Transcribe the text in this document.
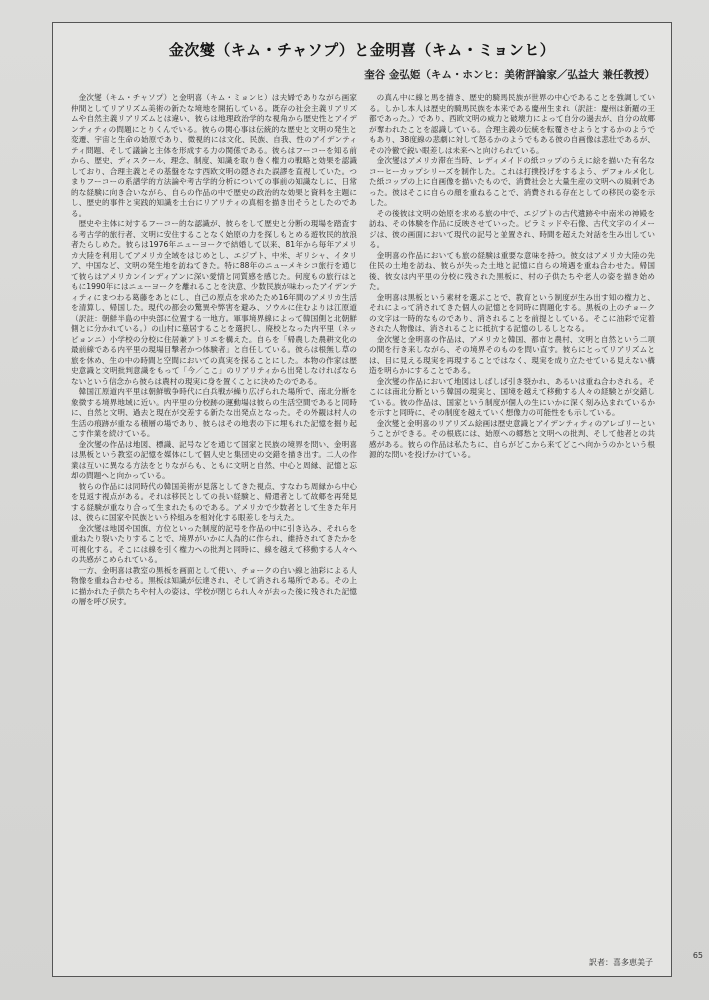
金次燮（キム・チャソプ）と金明喜（キム・ミョンヒ）
奎谷 金弘姫（キム・ホンヒ：美術評論家／弘益大 兼任教授）

金次燮（キム・チャソプ）と金明喜（キム・ミョンヒ）は夫婦でありながら画家仲間としてリアリズム美術の新たな境地を開拓している。既存の社会主義リアリズムや自然主義リアリズムとは違い、彼らは地理政治学的な視角から歴史性とアイデンティティの問題にとりくんでいる。彼らの関心事は伝統的な歴史と文明の発生と変遷、宇宙と生命の始原であり、微視的には文化、民族、自我、性のアイデンティティ問題、そして議論と主体を形成する力の関係である。彼らはフーコーを知る前から、歴史、ディスクール、理念、制度、知識を取り巻く権力の戦略と効果を認識しており、合理主義とその基盤をなす西欧文明の隠された誤謬を直視していた。つまりフーコーの系譜学的方法論や考古学的分析についての事前の知識なしに、日常的な経験に向き合いながら、自らの作品の中で歴史の政治的な効果と資料を主題にし、歴史的事件と実践的知識を土台にリアリティの真相を描き出そうとしたのである。

歴史や主体に対するフーコー的な認識が、彼らをして歴史と分断の現場を踏査する考古学的旅行者、文明に安住することなく始原の力を探しもとめる遊牧民的放浪者たらしめた。彼らは1976年ニューヨークで結婚して以来、81年から毎年アメリカ大陸を利用してアメリカ全域をはじめとし、エジプト、中米、ギリシャ、イタリア、中国など、文明の発生地を訪ねてきた。特に88年のニューメキシコ旅行を通じて彼らはアメリカンインディアンに深い愛情と同質感を感じた。何度もの旅行はともに1990年にはニューヨークを離れることを決意、少数民族が味わったアイデンティティにまつわる葛藤をあとにし、自己の原点を求めたため16年間のアメリカ生活を清算し、帰国した。現代の都会の驚異や弊害を避み、ソウルに住むよりは江原道（訳註：朝鮮半島の中央部に位置する一地方。軍事境界線によって韓国側と北朝鮮側とに分かれている。）の山村に墓居することを選択し、廃校となった内平里（ネッピョンニ）小学校の分校に住居兼アトリエを構えた。自らを「帰農した農耕文化の最前線である内平里の現場目撃者かつ体験者」と自任している。彼らは根無し草の旅を休め、生の中の時間と空間においての真実を探ることにした。本物の作家は歴史意識と文明批判意識をもって「今／ここ」のリアリティから出発しなければならないという信念から彼らは農村の現実に身を置くことに決めたのである。

韓国江原道内平里は朝鮮戦争時代に白兵戦が繰り広げられた場所で、南北分断を象徴する境界地域に近い。内平里の分校跡の運動場は彼らの生活空間であると同時に、自然と文明、過去と現在が交差する新たな出発点となった。その外観は村人の生活の痕跡が重なる積層の場であり、彼らはその地表の下に埋もれた記憶を掘り起こす作業を続けている。

金次燮の作品は地図、標識、記号などを通じて国家と民族の境界を問い、金明喜は黒板という教室の記憶を媒体にして個人史と集団史の交錯を描き出す。二人の作業は互いに異なる方法をとりながらも、ともに文明と自然、中心と周縁、記憶と忘却の問題へと向かっている。

彼らの作品には同時代の韓国美術が見落としてきた視点、すなわち周縁から中心を見返す視点がある。それは移民としての長い経験と、帰還者として故郷を再発見する経験が重なり合って生まれたものである。アメリカで少数者として生きた年月は、彼らに国家や民族という枠組みを相対化する眼差しを与えた。

金次燮は地図や国旗、方位といった制度的記号を作品の中に引き込み、それらを重ねたり裂いたりすることで、境界がいかに人為的に作られ、維持されてきたかを可視化する。そこには線を引く権力への批判と同時に、線を越えて移動する人々への共感がこめられている。

一方、金明喜は教室の黒板を画面として使い、チョークの白い線と油彩による人物像を重ね合わせる。黒板は知識が伝達され、そして消される場所である。その上に描かれた子供たちや村人の姿は、学校が閉じられ人々が去った後に残された記憶の層を呼び戻す。

の真ん中に線と馬を描き、歴史的騎馬民族が世界の中心であることを強調している。しかし本人は歴史的騎馬民族を本来である慶州生まれ（訳註：慶州は新羅の王都であった。）であり、西欧文明の威力と破壊力によって自分の過去が、自分の故郷が奪われたことを認識している。合理主義の伝統を転覆させようとするかのようでもあり、38度線の悲劇に対して怒るかのようでもある彼の自画像は悲壮であるが、その冷徹で鋭い眼差しは未来へと向けられている。

金次燮はアメリカ滞在当時、レディメイドの紙コップのうえに絵を描いた有名なコーヒーカップシリーズを制作した。これは打撲投げをするよう、デフォルメ化した紙コップの上に自画像を描いたもので、消費社会と大量生産の文明への風刺であった。彼はそこに自らの顔を重ねることで、消費される存在としての移民の姿を示した。

その後彼は文明の始原を求める旅の中で、エジプトの古代遺跡や中南米の神殿を訪ね、その体験を作品に反映させていった。ピラミッドや石像、古代文字のイメージは、彼の画面において現代の記号と並置され、時間を超えた対話を生み出している。

金明喜の作品においても旅の経験は重要な意味を持つ。彼女はアメリカ大陸の先住民の土地を訪ね、彼らが失った土地と記憶に自らの境遇を重ね合わせた。帰国後、彼女は内平里の分校に残された黒板に、村の子供たちや老人の姿を描き始めた。

金明喜は黒板という素材を選ぶことで、教育という制度が生み出す知の権力と、それによって消されてきた個人の記憶とを同時に問題化する。黒板の上のチョークの文字は一時的なものであり、消されることを前提としている。そこに油彩で定着された人物像は、消されることに抵抗する記憶のしるしとなる。

金次燮と金明喜の作品は、アメリカと韓国、都市と農村、文明と自然という二項の間を行き来しながら、その境界そのものを問い直す。彼らにとってリアリズムとは、目に見える現実を再現することではなく、現実を成り立たせている見えない構造を明らかにすることである。

金次燮の作品において地図はしばしば引き裂かれ、あるいは重ね合わされる。そこには南北分断という韓国の現実と、国境を越えて移動する人々の経験とが交錯している。彼の作品は、国家という制度が個人の生にいかに深く刻み込まれているかを示すと同時に、その制度を越えていく想像力の可能性をも示している。

金次燮と金明喜のリアリズム絵画は歴史意識とアイデンティティのアレゴリーということができる。その根底には、始原への郷愁と文明への批判、そして他者との共感がある。彼らの作品は私たちに、自らがどこから来てどこへ向かうのかという根源的な問いを投げかけている。

訳者：喜多恵美子
65
